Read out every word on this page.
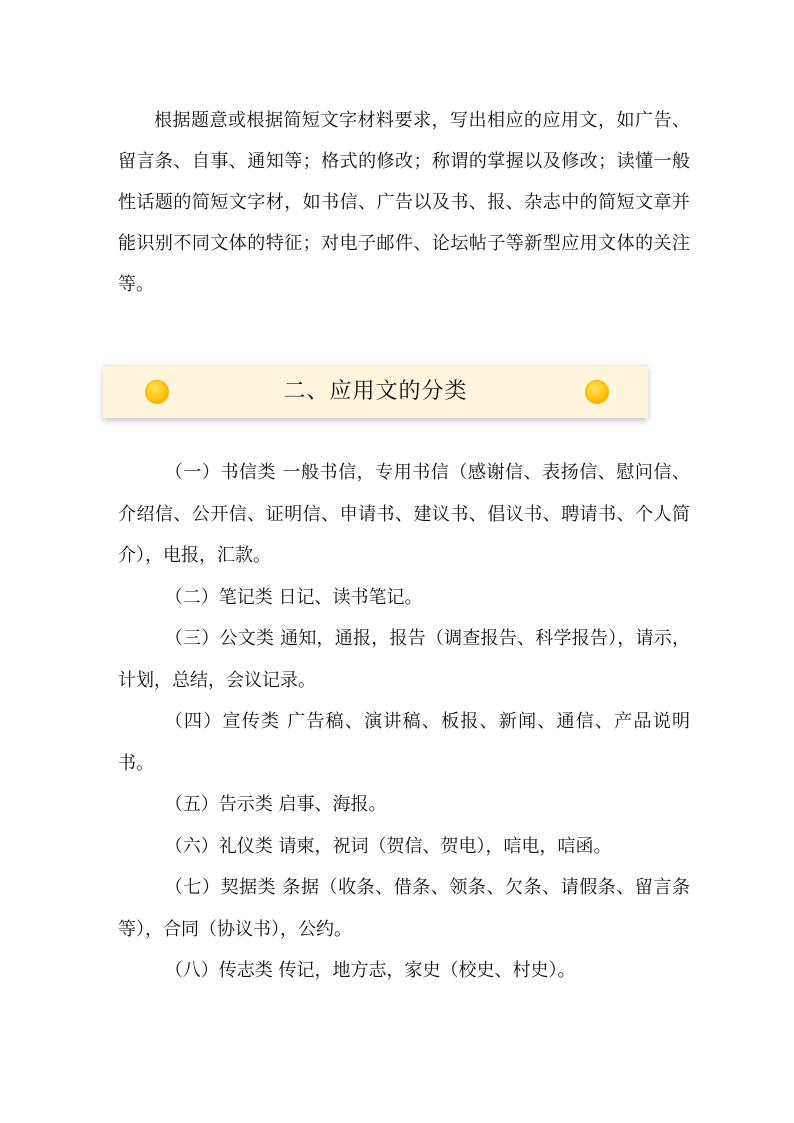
根据题意或根据简短文字材料要求，写出相应的应用文，如广告、留言条、自事、通知等；格式的修改；称谓的掌握以及修改；读懂一般性话题的简短文字材，如书信、广告以及书、报、杂志中的简短文章并能识别不同文体的特征；对电子邮件、论坛帖子等新型应用文体的关注等。

二、应用文的分类

（一）书信类 一般书信，专用书信（感谢信、表扬信、慰问信、介绍信、公开信、证明信、申请书、建议书、倡议书、聘请书、个人简介），电报，汇款。

（二）笔记类 日记、读书笔记。

（三）公文类 通知，通报，报告（调查报告、科学报告），请示，计划，总结，会议记录。

（四）宣传类 广告稿、演讲稿、板报、新闻、通信、产品说明书。

（五）告示类 启事、海报。

（六）礼仪类 请柬，祝词（贺信、贺电），唁电，唁函。

（七）契据类 条据（收条、借条、领条、欠条、请假条、留言条等），合同（协议书），公约。

（八）传志类 传记，地方志，家史（校史、村史）。
